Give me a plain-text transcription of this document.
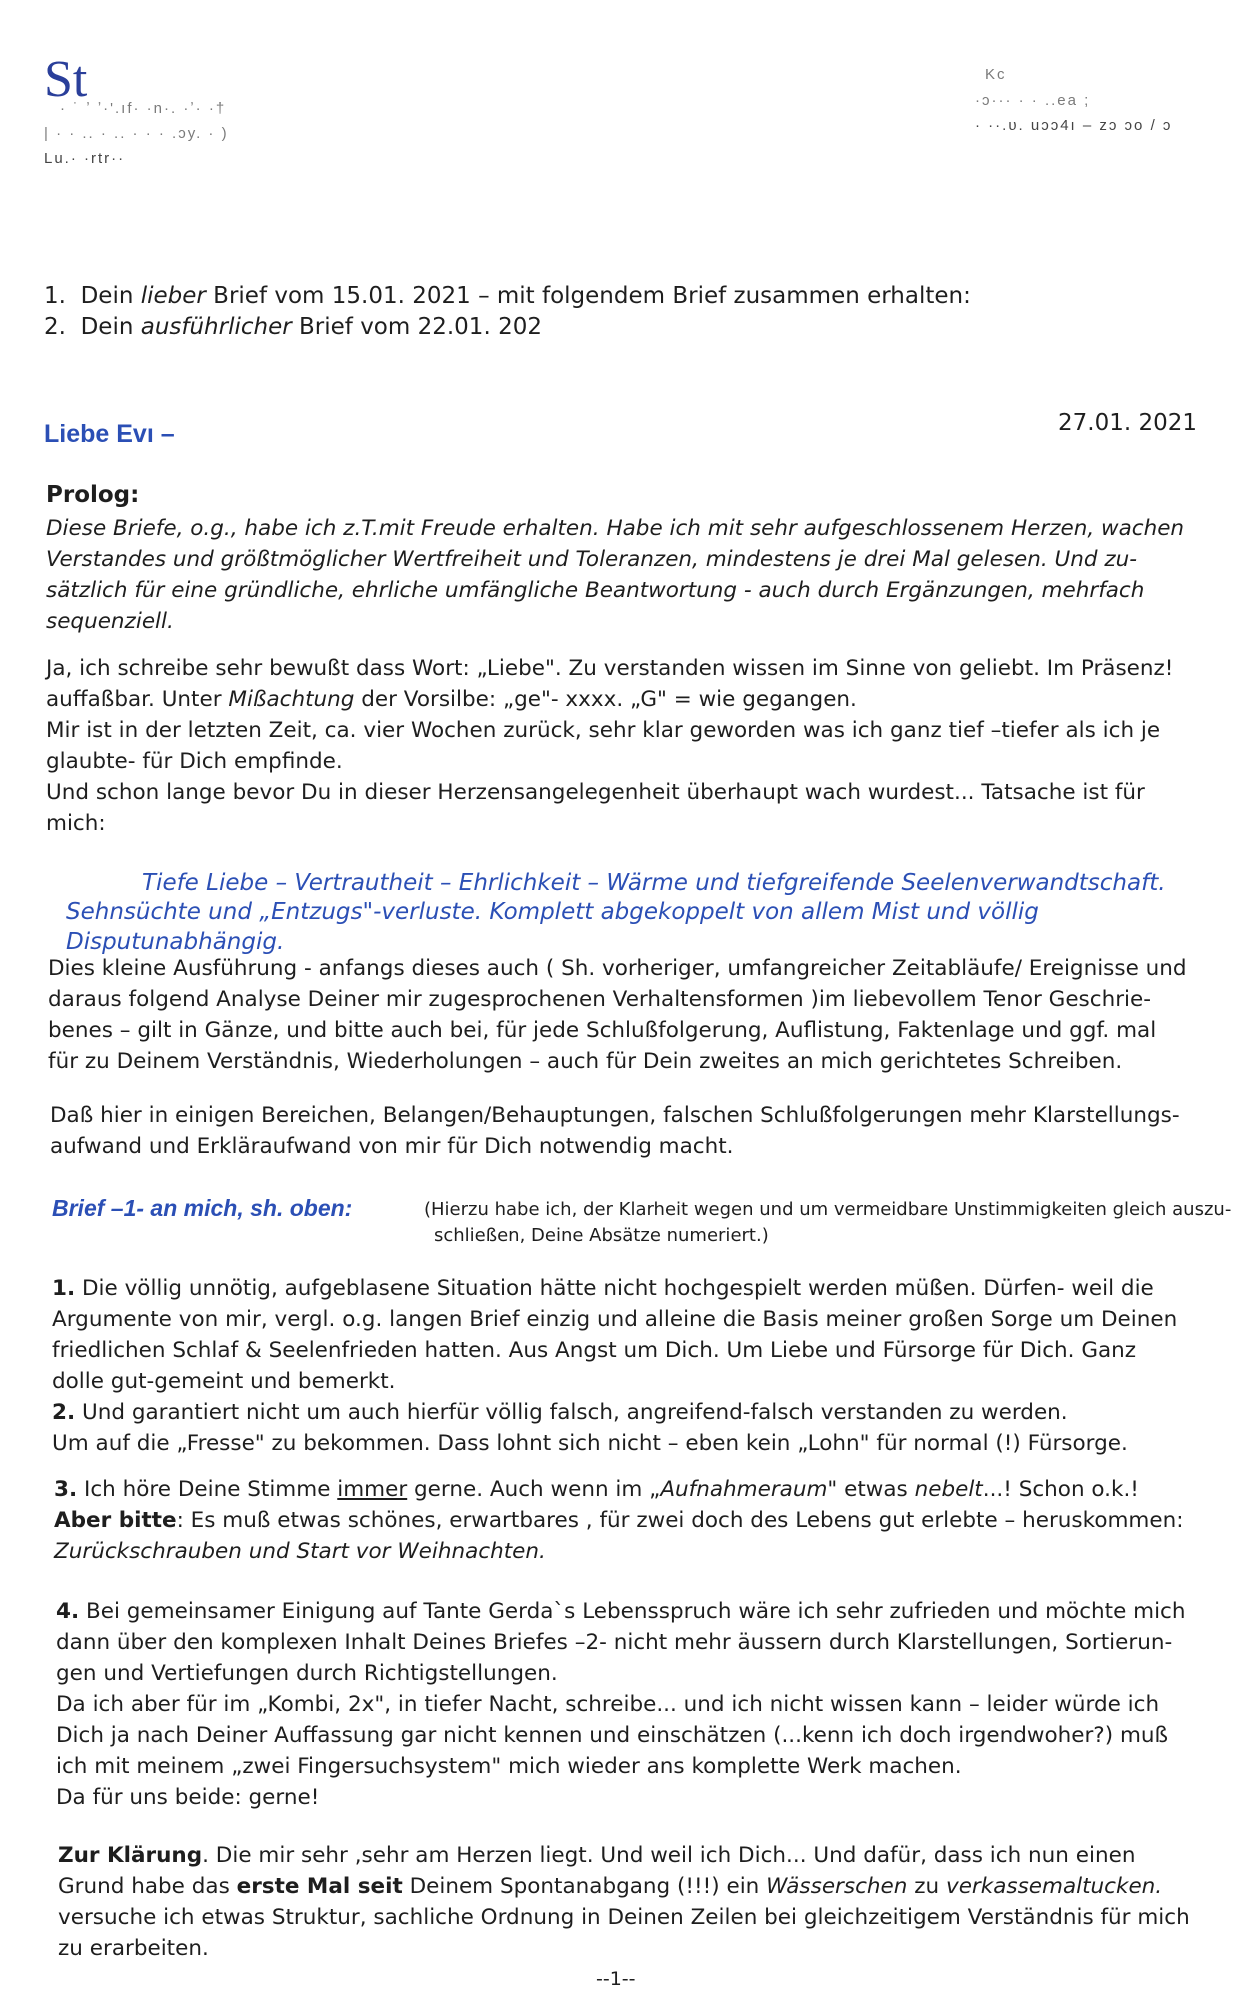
St
· ˙ ʼ ʼ·'.ıf· ·n·. ·ʼ· ·†
| · · .. · .. · · · .ɔy. · )
Lu.· ·rtr··
Kc
·ɔ··· · · ..ea ;
· ··.ᴜ. uɔɔ4ı – zɔ ɔo / ɔ
1. Dein lieber Brief vom 15.01. 2021 – mit folgendem Brief zusammen erhalten:
2. Dein ausführlicher Brief vom 22.01. 202
Liebe Evı –	27.01. 2021
Prolog:

Diese Briefe, o.g., habe ich z.T.mit Freude erhalten. Habe ich mit sehr aufgeschlossenem Herzen, wachen

Verstandes und größtmöglicher Wertfreiheit und Toleranzen, mindestens je drei Mal gelesen. Und zu-

sätzlich für eine gründliche, ehrliche umfängliche Beantwortung - auch durch Ergänzungen, mehrfach

sequenziell.

Ja, ich schreibe sehr bewußt dass Wort: „Liebe". Zu verstanden wissen im Sinne von geliebt. Im Präsenz!

auffaßbar. Unter Mißachtung der Vorsilbe: „ge"- xxxx. „G" = wie gegangen.

Mir ist in der letzten Zeit, ca. vier Wochen zurück, sehr klar geworden was ich ganz tief –tiefer als ich je

glaubte- für Dich empfinde.

Und schon lange bevor Du in dieser Herzensangelegenheit überhaupt wach wurdest... Tatsache ist für

mich:

Tiefe Liebe – Vertrautheit – Ehrlichkeit – Wärme und tiefgreifende Seelenverwandtschaft.
Sehnsüchte und „Entzugs"-verluste. Komplett abgekoppelt von allem Mist und völlig Disputunabhängig.

Dies kleine Ausführung - anfangs dieses auch ( Sh. vorheriger, umfangreicher Zeitabläufe/ Ereignisse und

daraus folgend Analyse Deiner mir zugesprochenen Verhaltensformen )im liebevollem Tenor Geschrie-

benes – gilt in Gänze, und bitte auch bei, für jede Schlußfolgerung, Auflistung, Faktenlage und ggf. mal

für zu Deinem Verständnis, Wiederholungen – auch für Dein zweites an mich gerichtetes Schreiben.

Daß hier in einigen Bereichen, Belangen/Behauptungen, falschen Schlußfolgerungen mehr Klarstellungs-

aufwand und Erkläraufwand von mir für Dich notwendig macht.

Brief –1- an mich, sh. oben:	(Hierzu habe ich, der Klarheit wegen und um vermeidbare Unstimmigkeiten gleich auszu-
schließen, Deine Absätze numeriert.)

1. Die völlig unnötig, aufgeblasene Situation hätte nicht hochgespielt werden müßen. Dürfen- weil die

Argumente von mir, vergl. o.g. langen Brief einzig und alleine die Basis meiner großen Sorge um Deinen

friedlichen Schlaf & Seelenfrieden hatten. Aus Angst um Dich. Um Liebe und Fürsorge für Dich. Ganz

dolle gut-gemeint und bemerkt.

2. Und garantiert nicht um auch hierfür völlig falsch, angreifend-falsch verstanden zu werden.

Um auf die „Fresse" zu bekommen. Dass lohnt sich nicht – eben kein „Lohn" für normal (!) Fürsorge.

3. Ich höre Deine Stimme immer gerne. Auch wenn im „Aufnahmeraum" etwas nebelt...! Schon o.k.!

Aber bitte: Es muß etwas schönes, erwartbares , für zwei doch des Lebens gut erlebte – heruskommen:

Zurückschrauben und Start vor Weihnachten.

4. Bei gemeinsamer Einigung auf Tante Gerda`s Lebensspruch wäre ich sehr zufrieden und möchte mich

dann über den komplexen Inhalt Deines Briefes –2- nicht mehr äussern durch Klarstellungen, Sortierun-

gen und Vertiefungen durch Richtigstellungen.

Da ich aber für im „Kombi, 2x", in tiefer Nacht, schreibe... und ich nicht wissen kann – leider würde ich

Dich ja nach Deiner Auffassung gar nicht kennen und einschätzen (...kenn ich doch irgendwoher?) muß

ich mit meinem „zwei Fingersuchsystem" mich wieder ans komplette Werk machen.

Da für uns beide: gerne!

Zur Klärung. Die mir sehr ,sehr am Herzen liegt. Und weil ich Dich... Und dafür, dass ich nun einen

Grund habe das erste Mal seit Deinem Spontanabgang (!!!) ein Wässerschen zu verkassemaltucken.

versuche ich etwas Struktur, sachliche Ordnung in Deinen Zeilen bei gleichzeitigem Verständnis für mich

zu erarbeiten.

--1--
